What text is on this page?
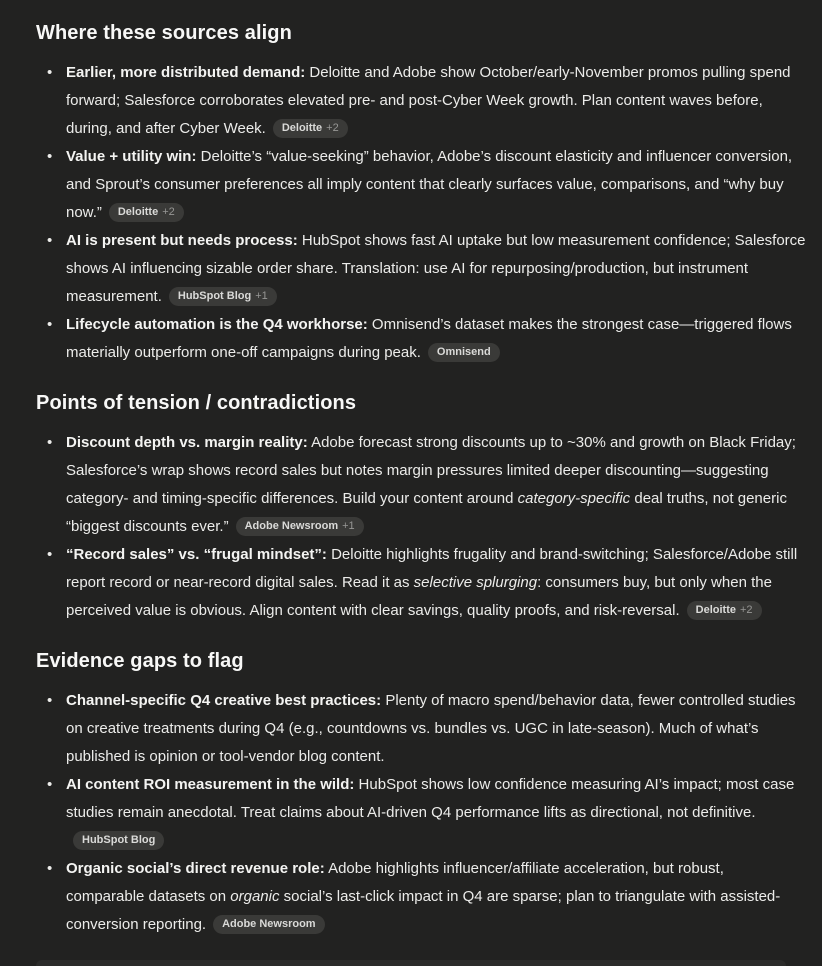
Where these sources align
• Earlier, more distributed demand: Deloitte and Adobe show October/early-November promos pulling spend forward; Salesforce corroborates elevated pre- and post-Cyber Week growth. Plan content waves before, during, and after Cyber Week. Deloitte +2
• Value + utility win: Deloitte’s “value-seeking” behavior, Adobe’s discount elasticity and influencer conversion, and Sprout’s consumer preferences all imply content that clearly surfaces value, comparisons, and “why buy now.” Deloitte +2
• AI is present but needs process: HubSpot shows fast AI uptake but low measurement confidence; Salesforce shows AI influencing sizable order share. Translation: use AI for repurposing/production, but instrument measurement. HubSpot Blog +1
• Lifecycle automation is the Q4 workhorse: Omnisend’s dataset makes the strongest case—triggered flows materially outperform one-off campaigns during peak. Omnisend
Points of tension / contradictions
• Discount depth vs. margin reality: Adobe forecast strong discounts up to ~30% and growth on Black Friday; Salesforce’s wrap shows record sales but notes margin pressures limited deeper discounting—suggesting category- and timing-specific differences. Build your content around category-specific deal truths, not generic “biggest discounts ever.” Adobe Newsroom +1
• “Record sales” vs. “frugal mindset”: Deloitte highlights frugality and brand-switching; Salesforce/Adobe still report record or near-record digital sales. Read it as selective splurging: consumers buy, but only when the perceived value is obvious. Align content with clear savings, quality proofs, and risk-reversal. Deloitte +2
Evidence gaps to flag
• Channel-specific Q4 creative best practices: Plenty of macro spend/behavior data, fewer controlled studies on creative treatments during Q4 (e.g., countdowns vs. bundles vs. UGC in late-season). Much of what’s published is opinion or tool-vendor blog content.
• AI content ROI measurement in the wild: HubSpot shows low confidence measuring AI’s impact; most case studies remain anecdotal. Treat claims about AI-driven Q4 performance lifts as directional, not definitive.HubSpot Blog
• Organic social’s direct revenue role: Adobe highlights influencer/affiliate acceleration, but robust, comparable datasets on organic social’s last-click impact in Q4 are sparse; plan to triangulate with assisted-conversion reporting. Adobe Newsroom
